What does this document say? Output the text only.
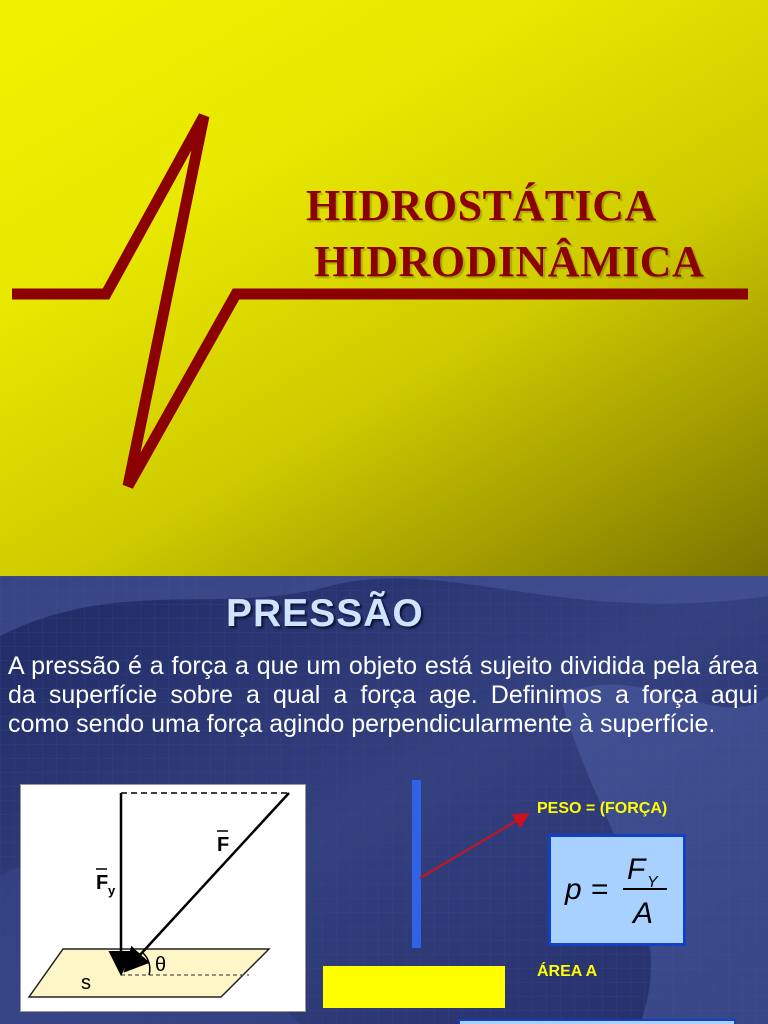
HIDROSTÁTICA
HIDRODINÂMICA
PRESSÃO
A pressão é a força a que um objeto está sujeito dividida pela área da superfície sobre a qual a força age. Definimos a força aqui como sendo uma força agindo perpendicularmente à superfície.
F
F y
θ
s
PESO = (FORÇA)
p =
F Y
A
ÁREA A
